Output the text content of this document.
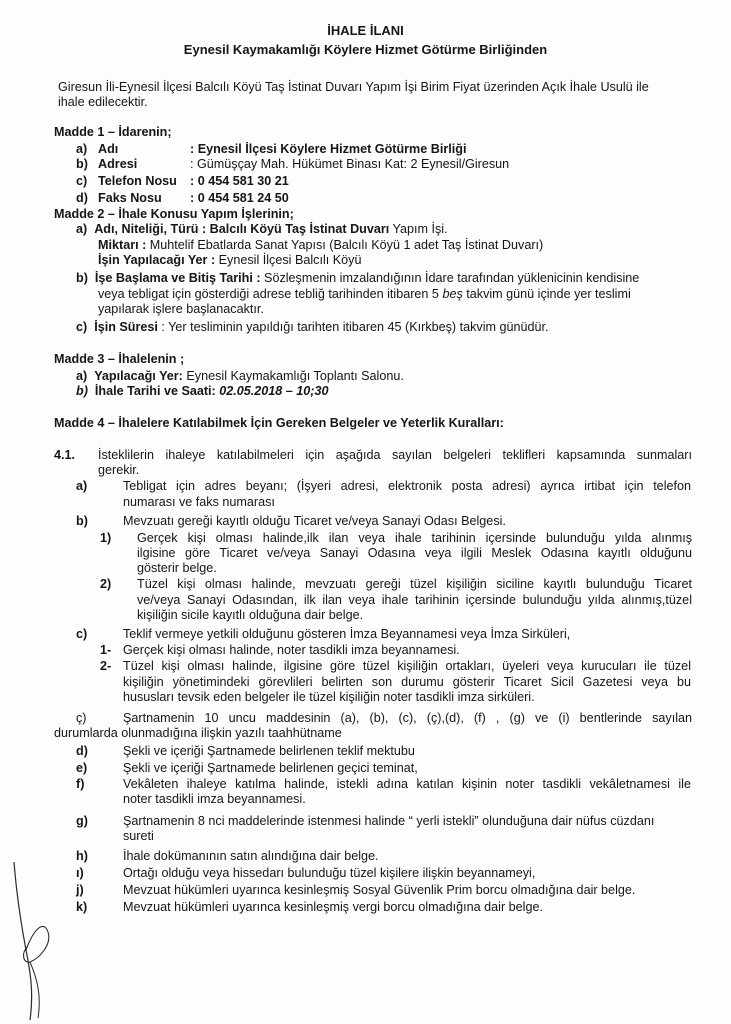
İHALE İLANI
Eynesil Kaymakamlığı Köylere Hizmet Götürme Birliğinden
Giresun İli-Eynesil İlçesi Balcılı Köyü Taş İstinat Duvarı Yapım İşi Birim Fiyat üzerinden Açık İhale Usulü ile
ihale edilecektir.
Madde 1 – İdarenin;
a) Adı	: Eynesil İlçesi Köylere Hizmet Götürme Birliği
b) Adresi	: Gümüşçay Mah. Hükümet Binası Kat: 2 Eynesil/Giresun
c) Telefon Nosu : 0 454 581 30 21
d) Faks Nosu : 0 454 581 24 50
Madde 2 – İhale Konusu Yapım İşlerinin;
a) Adı, Niteliği, Türü : Balcılı Köyü Taş İstinat Duvarı Yapım İşi.
Miktarı : Muhtelif Ebatlarda Sanat Yapısı (Balcılı Köyü 1 adet Taş İstinat Duvarı)
İşin Yapılacağı Yer : Eynesil İlçesi Balcılı Köyü
b) İşe Başlama ve Bitiş Tarihi : Sözleşmenin imzalandığının İdare tarafından yüklenicinin kendisine
veya tebligat için gösterdiği adrese tebliğ tarihinden itibaren 5 beş takvim günü içinde yer teslimi
yapılarak işlere başlanacaktır.
c) İşin Süresi : Yer tesliminin yapıldığı tarihten itibaren 45 (Kırkbeş) takvim günüdür.
Madde 3 – İhalelenin ;
a) Yapılacağı Yer: Eynesil Kaymakamlığı Toplantı Salonu.
b) İhale Tarihi ve Saati: 02.05.2018 – 10;30
Madde 4 – İhalelere Katılabilmek İçin Gereken Belgeler ve Yeterlik Kuralları:
4.1. İsteklilerin ihaleye katılabilmeleri için aşağıda sayılan belgeleri teklifleri kapsamında sunmaları
gerekir.
a)	Tebligat için adres beyanı; (İşyeri adresi, elektronik posta adresi) ayrıca irtibat için telefon
numarası ve faks numarası
b)	Mevzuatı gereği kayıtlı olduğu Ticaret ve/veya Sanayi Odası Belgesi.
1) Gerçek kişi olması halinde,ilk ilan veya ihale tarihinin içersinde bulunduğu yılda alınmış
ilgisine göre Ticaret ve/veya Sanayi Odasına veya ilgili Meslek Odasına kayıtlı olduğunu
gösterir belge.
2) Tüzel kişi olması halinde, mevzuatı gereği tüzel kişiliğin siciline kayıtlı bulunduğu Ticaret
ve/veya Sanayi Odasından, ilk ilan veya ihale tarihinin içersinde bulunduğu yılda alınmış,tüzel
kişiliğin sicile kayıtlı olduğuna dair belge.
c)	Teklif vermeye yetkili olduğunu gösteren İmza Beyannamesi veya İmza Sirküleri,
1- Gerçek kişi olması halinde, noter tasdikli imza beyannamesi.
2- Tüzel kişi olması halinde, ilgisine göre tüzel kişiliğin ortakları, üyeleri veya kurucuları ile tüzel
kişiliğin yönetimindeki görevlileri belirten son durumu gösterir Ticaret Sicil Gazetesi veya bu
hususları tevsik eden belgeler ile tüzel kişiliğin noter tasdikli imza sirküleri.
ç)	Şartnamenin 10 uncu maddesinin (a), (b), (c), (ç),(d), (f) , (g) ve (i) bentlerinde sayılan
durumlarda olunmadığına ilişkin yazılı taahhütname
d)	Şekli ve içeriği Şartnamede belirlenen teklif mektubu
e)	Şekli ve içeriği Şartnamede belirlenen geçici teminat,
f)	Vekâleten ihaleye katılma halinde, istekli adına katılan kişinin noter tasdikli vekâletnamesi ile
noter tasdikli imza beyannamesi.
g)	Şartnamenin 8 nci maddelerinde istenmesi halinde “ yerli istekli” olunduğuna dair nüfus cüzdanı
sureti
h)	İhale dokümanının satın alındığına dair belge.
ı)	Ortağı olduğu veya hissedarı bulunduğu tüzel kişilere ilişkin beyannameyi,
j)	Mevzuat hükümleri uyarınca kesinleşmiş Sosyal Güvenlik Prim borcu olmadığına dair belge.
k)	Mevzuat hükümleri uyarınca kesinleşmiş vergi borcu olmadığına dair belge.
